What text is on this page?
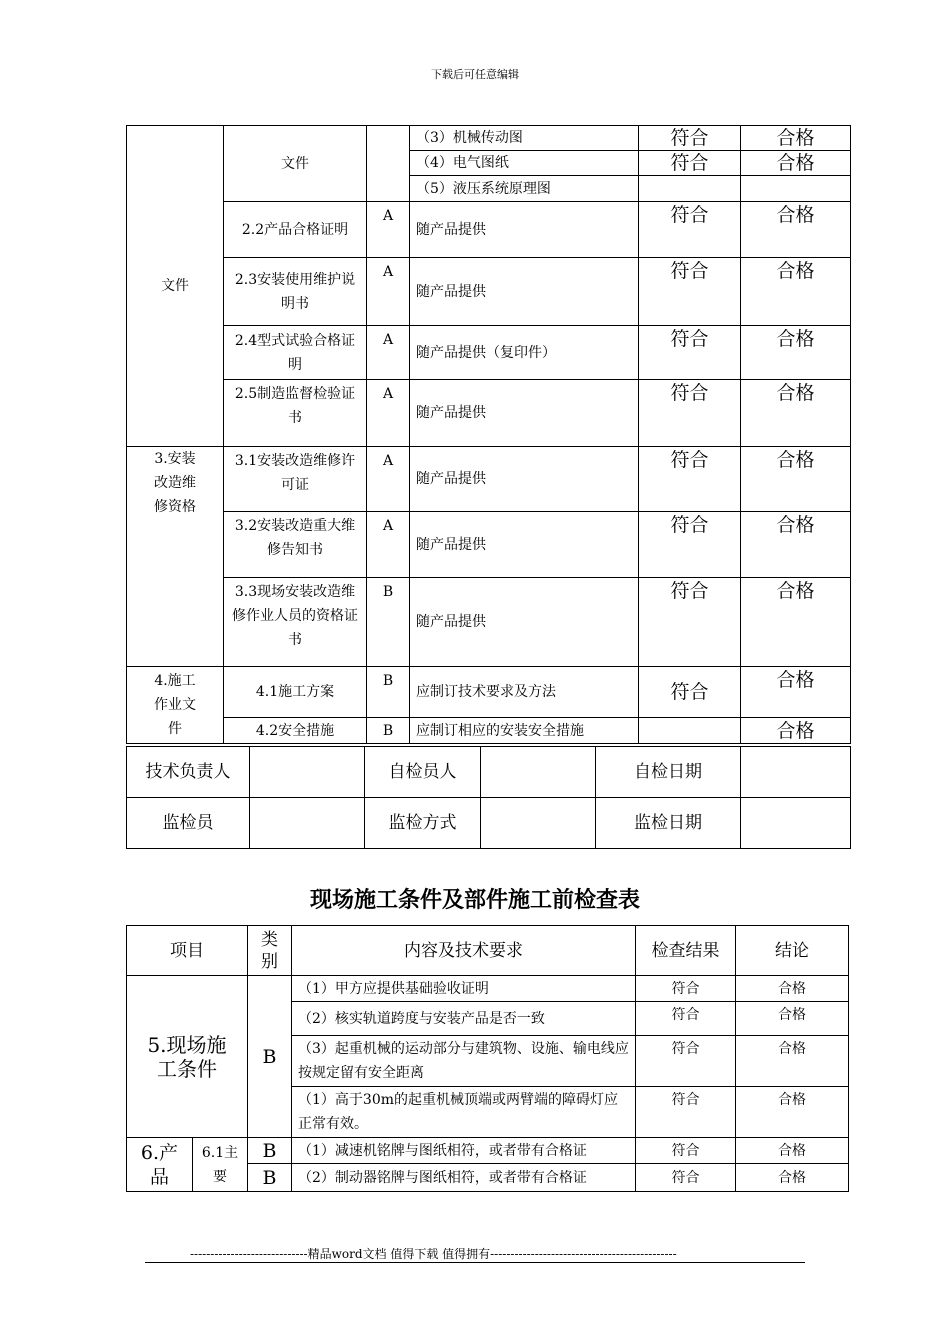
下载后可任意编辑
文件	文件		（3）机械传动图	符合	合格
			（4）电气图纸	符合	合格
			（5）液压系统原理图		
	2.2产品合格证明	A	随产品提供	符合	合格
	2.3安装使用维护说明书	A	随产品提供	符合	合格
	2.4型式试验合格证明	A	随产品提供（复印件）	符合	合格
	2.5制造监督检验证书	A	随产品提供	符合	合格

3.安装改造维修资格	3.1安装改造维修许可证	A	随产品提供	符合	合格
	3.2安装改造重大维修告知书	A	随产品提供	符合	合格
	3.3现场安装改造维修作业人员的资格证书	B	随产品提供	符合	合格
4.施工作业文件	4.1施工方案	B	应制订技术要求及方法	符合	合格
	4.2安全措施	B	应制订相应的安装安全措施		合格
技术负责人		自检员人		自检日期	
监检员		监检方式		监检日期	
现场施工条件及部件施工前检查表
项目		类别	内容及技术要求	检查结果	结论
5.现场施工条件		B	（1）甲方应提供基础验收证明	符合	合格
			（2）核实轨道跨度与安装产品是否一致	符合	合格
			（3）起重机械的运动部分与建筑物、设施、输电线应按规定留有安全距离	符合	合格
			（1）高于30m的起重机械顶端或两臂端的障碍灯应正常有效。	符合	合格
6.产品	6.1主要	B	（1）减速机铭牌与图纸相符，或者带有合格证	符合	合格
		B	（2）制动器铭牌与图纸相符，或者带有合格证	符合	合格
-----------------------------精品word文档 值得下载 值得拥有----------------------------------------------
